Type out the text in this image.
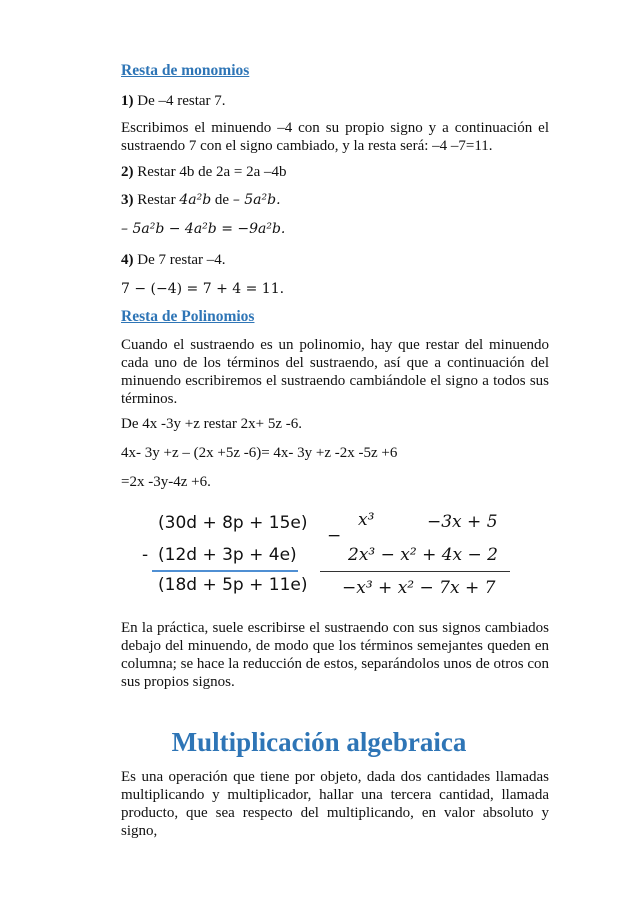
Resta de monomios

1) De –4 restar 7.

Escribimos el minuendo –4 con su propio signo y a continuación el sustraendo 7 con el signo cambiado, y la resta será: –4 –7=11.

2) Restar 4b de 2a = 2a –4b

3) Restar 4a²b de – 5a²b.

– 5a²b − 4a²b = −9a²b.

4) De 7 restar –4.

7 − (−4) = 7 + 4 = 11.

Resta de Polinomios

Cuando el sustraendo es un polinomio, hay que restar del minuendo cada uno de los términos del sustraendo, así que a continuación del minuendo escribiremos el sustraendo cambiándole el signo a todos sus términos.

De 4x -3y +z restar 2x+ 5z -6.

4x- 3y +z – (2x +5z -6)= 4x- 3y +z -2x -5z +6

=2x -3y-4z +6.

(30d + 8p + 15e)
- (12d + 3p + 4e)
(18d + 5p + 11e)
x³	−3x + 5
−
2x³ − x² + 4x − 2
−x³ + x² − 7x + 7

En la práctica, suele escribirse el sustraendo con sus signos cambiados debajo del minuendo, de modo que los términos semejantes queden en columna; se hace la reducción de estos, separándolos unos de otros con sus propios signos.

Multiplicación algebraica

Es una operación que tiene por objeto, dada dos cantidades llamadas multiplicando y multiplicador, hallar una tercera cantidad, llamada producto, que sea respecto del multiplicando, en valor absoluto y signo,
